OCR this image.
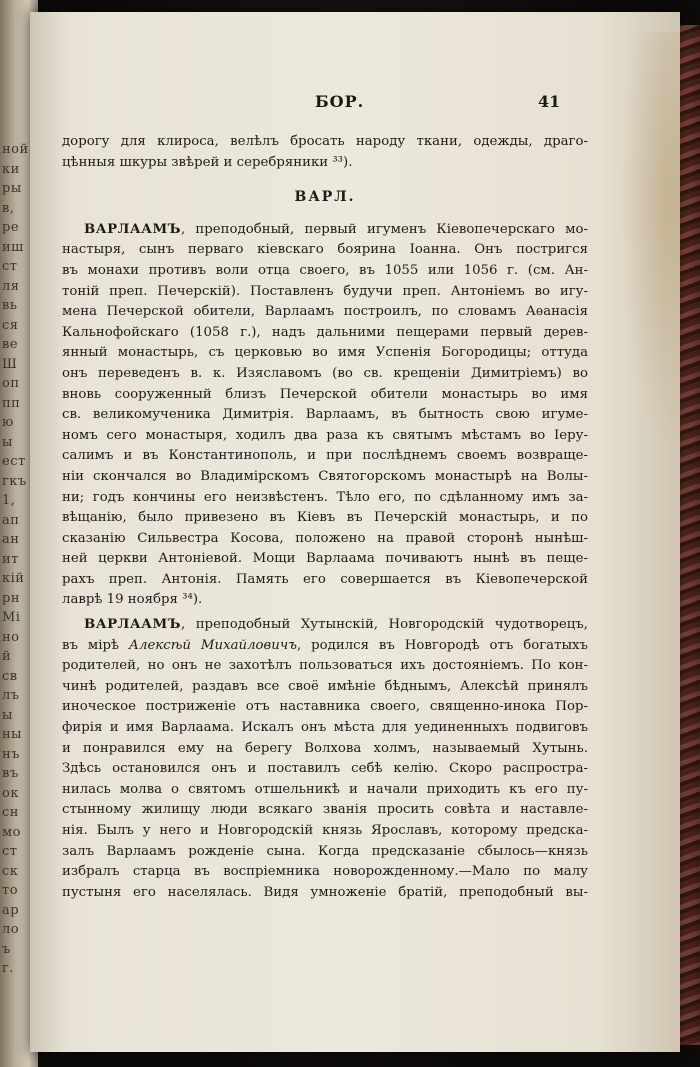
ной
ки
ры
в,
ре
иш
ст
ля
вь
ся
ве
Ш
оп
пп
ю
ы
ест
гкъ
1,
ап
ан
ит
кій
рн
Мі
но
й
св
лъ
ы
ны
нъ
въ
ок
сн
мо
ст
ск
то
ар
ло
ъ
г.
БОР.	41
дорогу для клироса, велѣлъ бросать народу ткани, одежды, драго-
цѣнныя шкуры звѣрей и серебряники ³³).
ВАРЛ.
ВАРЛААМЪ, преподобный, первый игуменъ Кіевопечерскаго мо-
настыря, сынъ перваго кіевскаго боярина Іоанна. Онъ постригся
въ монахи противъ воли отца своего, въ 1055 или 1056 г. (см. Ан-
тоній преп. Печерскій). Поставленъ будучи преп. Антоніемъ во игу-
мена Печерской обители, Варлаамъ построилъ, по словамъ Аѳанасія
Кальнофойскаго (1058 г.), надъ дальними пещерами первый дерев-
янный монастырь, съ церковью во имя Успенія Богородицы; оттуда
онъ переведенъ в. к. Изяславомъ (во св. крещеніи Димитріемъ) во
вновь сооруженный близъ Печерской обители монастырь во имя
св. великомученика Димитрія. Варлаамъ, въ бытность свою игуме-
номъ сего монастыря, ходилъ два раза къ святымъ мѣстамъ во Іеру-
салимъ и въ Константинополь, и при послѣднемъ своемъ возвраще-
ніи скончался во Владимірскомъ Святогорскомъ монастырѣ на Волы-
ни; годъ кончины его неизвѣстенъ. Тѣло его, по сдѣланному имъ за-
вѣщанію, было привезено въ Кіевъ въ Печерскій монастырь, и по
сказанію Сильвестра Косова, положено на правой сторонѣ нынѣш-
ней церкви Антоніевой. Мощи Варлаама почиваютъ нынѣ въ пеще-
рахъ преп. Антонія. Память его совершается въ Кіевопечерской
лаврѣ 19 ноября ³⁴).
ВАРЛААМЪ, преподобный Хутынскій, Новгородскій чудотворецъ,
въ мірѣ Алексѣй Михайловичъ, родился въ Новгородѣ отъ богатыхъ
родителей, но онъ не захотѣлъ пользоваться ихъ достояніемъ. По кон-
чинѣ родителей, раздавъ все своё имѣніе бѣднымъ, Алексѣй принялъ
иноческое постриженіе отъ наставника своего, священно-инока Пор-
фирія и имя Варлаама. Искалъ онъ мѣста для уединенныхъ подвиговъ
и понравился ему на берегу Волхова холмъ, называемый Хутынь.
Здѣсь остановился онъ и поставилъ себѣ келію. Скоро распростра-
нилась молва о святомъ отшельникѣ и начали приходить къ его пу-
стынному жилищу люди всякаго званія просить совѣта и наставле-
нія. Былъ у него и Новгородскій князь Ярославъ, которому предска-
залъ Варлаамъ рожденіе сына. Когда предсказаніе сбылось—князь
избралъ старца въ воспріемника новорожденному.—Мало по малу
пустыня его населялась. Видя умноженіе братій, преподобный вы-
